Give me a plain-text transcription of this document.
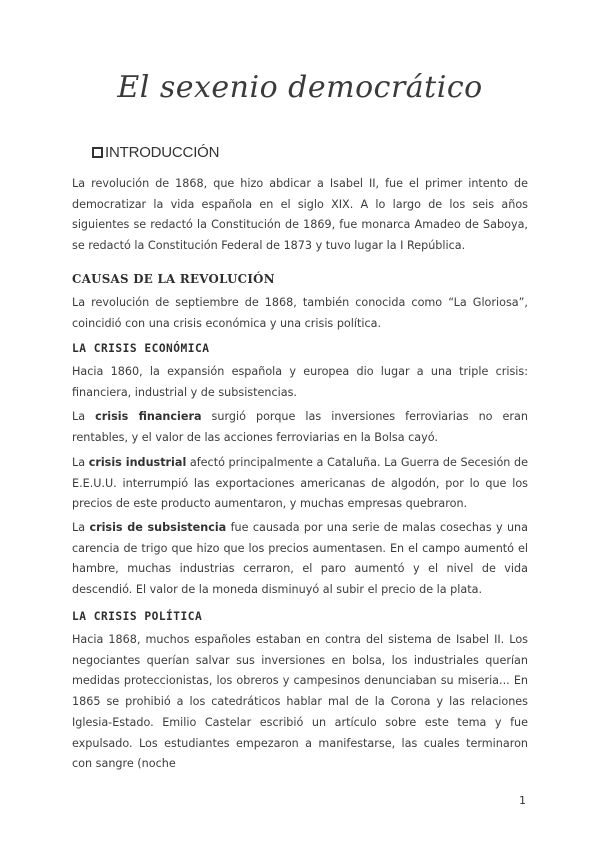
El sexenio democrático
INTRODUCCIÓN
La revolución de 1868, que hizo abdicar a Isabel II, fue el primer intento de democratizar la vida española en el siglo XIX. A lo largo de los seis años siguientes se redactó la Constitución de 1869, fue monarca Amadeo de Saboya, se redactó la Constitución Federal de 1873 y tuvo lugar la I República.
CAUSAS DE LA REVOLUCIÓN
La revolución de septiembre de 1868, también conocida como “La Gloriosa”, coincidió con una crisis económica y una crisis política.
LA CRISIS ECONÓMICA
Hacia 1860, la expansión española y europea dio lugar a una triple crisis: financiera, industrial y de subsistencias.
La crisis financiera surgió porque las inversiones ferroviarias no eran rentables, y el valor de las acciones ferroviarias en la Bolsa cayó.
La crisis industrial afectó principalmente a Cataluña. La Guerra de Secesión de E.E.U.U. interrumpió las exportaciones americanas de algodón, por lo que los precios de este producto aumentaron, y muchas empresas quebraron.
La crisis de subsistencia fue causada por una serie de malas cosechas y una carencia de trigo que hizo que los precios aumentasen. En el campo aumentó el hambre, muchas industrias cerraron, el paro aumentó y el nivel de vida descendió. El valor de la moneda disminuyó al subir el precio de la plata.
LA CRISIS POLÍTICA
Hacia 1868, muchos españoles estaban en contra del sistema de Isabel II. Los negociantes querían salvar sus inversiones en bolsa, los industriales querían medidas proteccionistas, los obreros y campesinos denunciaban su miseria... En 1865 se prohibió a los catedráticos hablar mal de la Corona y las relaciones Iglesia-Estado. Emilio Castelar escribió un artículo sobre este tema y fue expulsado. Los estudiantes empezaron a manifestarse, las cuales terminaron con sangre (noche
1
